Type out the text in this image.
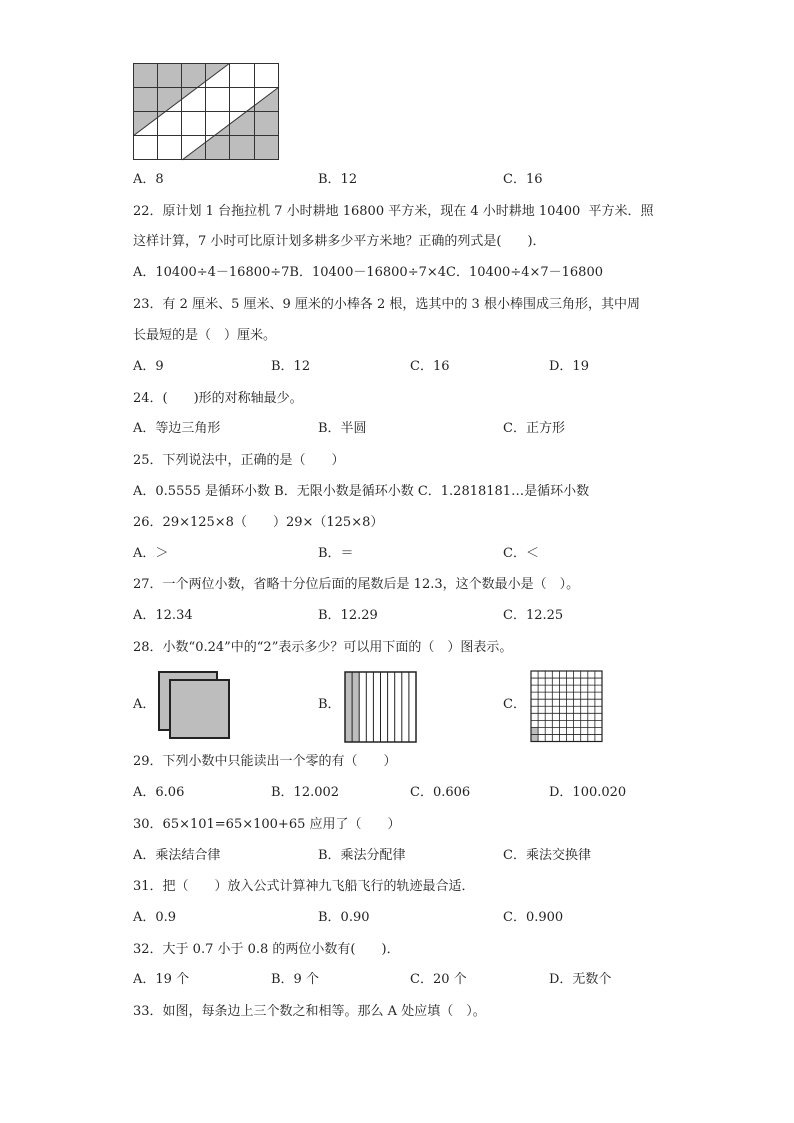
A．8	B．12	C．16
22．原计划 1 台拖拉机 7 小时耕地 16800 平方米，现在 4 小时耕地 10400  平方米．照
这样计算，7 小时可比原计划多耕多少平方米地？正确的列式是(　　)．
A．10400÷4－16800÷7B．10400－16800÷7×4C．10400÷4×7－16800
23．有 2 厘米、5 厘米、9 厘米的小棒各 2 根，选其中的 3 根小棒围成三角形，其中周
长最短的是（　）厘米。
A．9	B．12	C．16	D．19
24．(　　)形的对称轴最少。
A．等边三角形	B．半圆	C．正方形
25．下列说法中，正确的是（　　）
A．0.5555 是循环小数 B．无限小数是循环小数 C．1.2818181…是循环小数
26．29×125×8（　　）29×（125×8）
A．＞	B．＝	C．＜
27．一个两位小数，省略十分位后面的尾数后是 12.3，这个数最小是（　）。
A．12.34	B．12.29	C．12.25
28．小数“0.24”中的“2”表示多少？可以用下面的（　）图表示。
A．	B．	C．
29．下列小数中只能读出一个零的有（　　）
A．6.06	B．12.002	C．0.606	D．100.020
30．65×101=65×100+65 应用了（　　）
A．乘法结合律	B．乘法分配律	C．乘法交换律
31．把（　　）放入公式计算神九飞船飞行的轨迹最合适．
A．0.9	B．0.90	C．0.900
32．大于 0.7 小于 0.8 的两位小数有(　　)．
A．19 个	B．9 个	C．20 个	D．无数个
33．如图，每条边上三个数之和相等。那么 A 处应填（　）。
